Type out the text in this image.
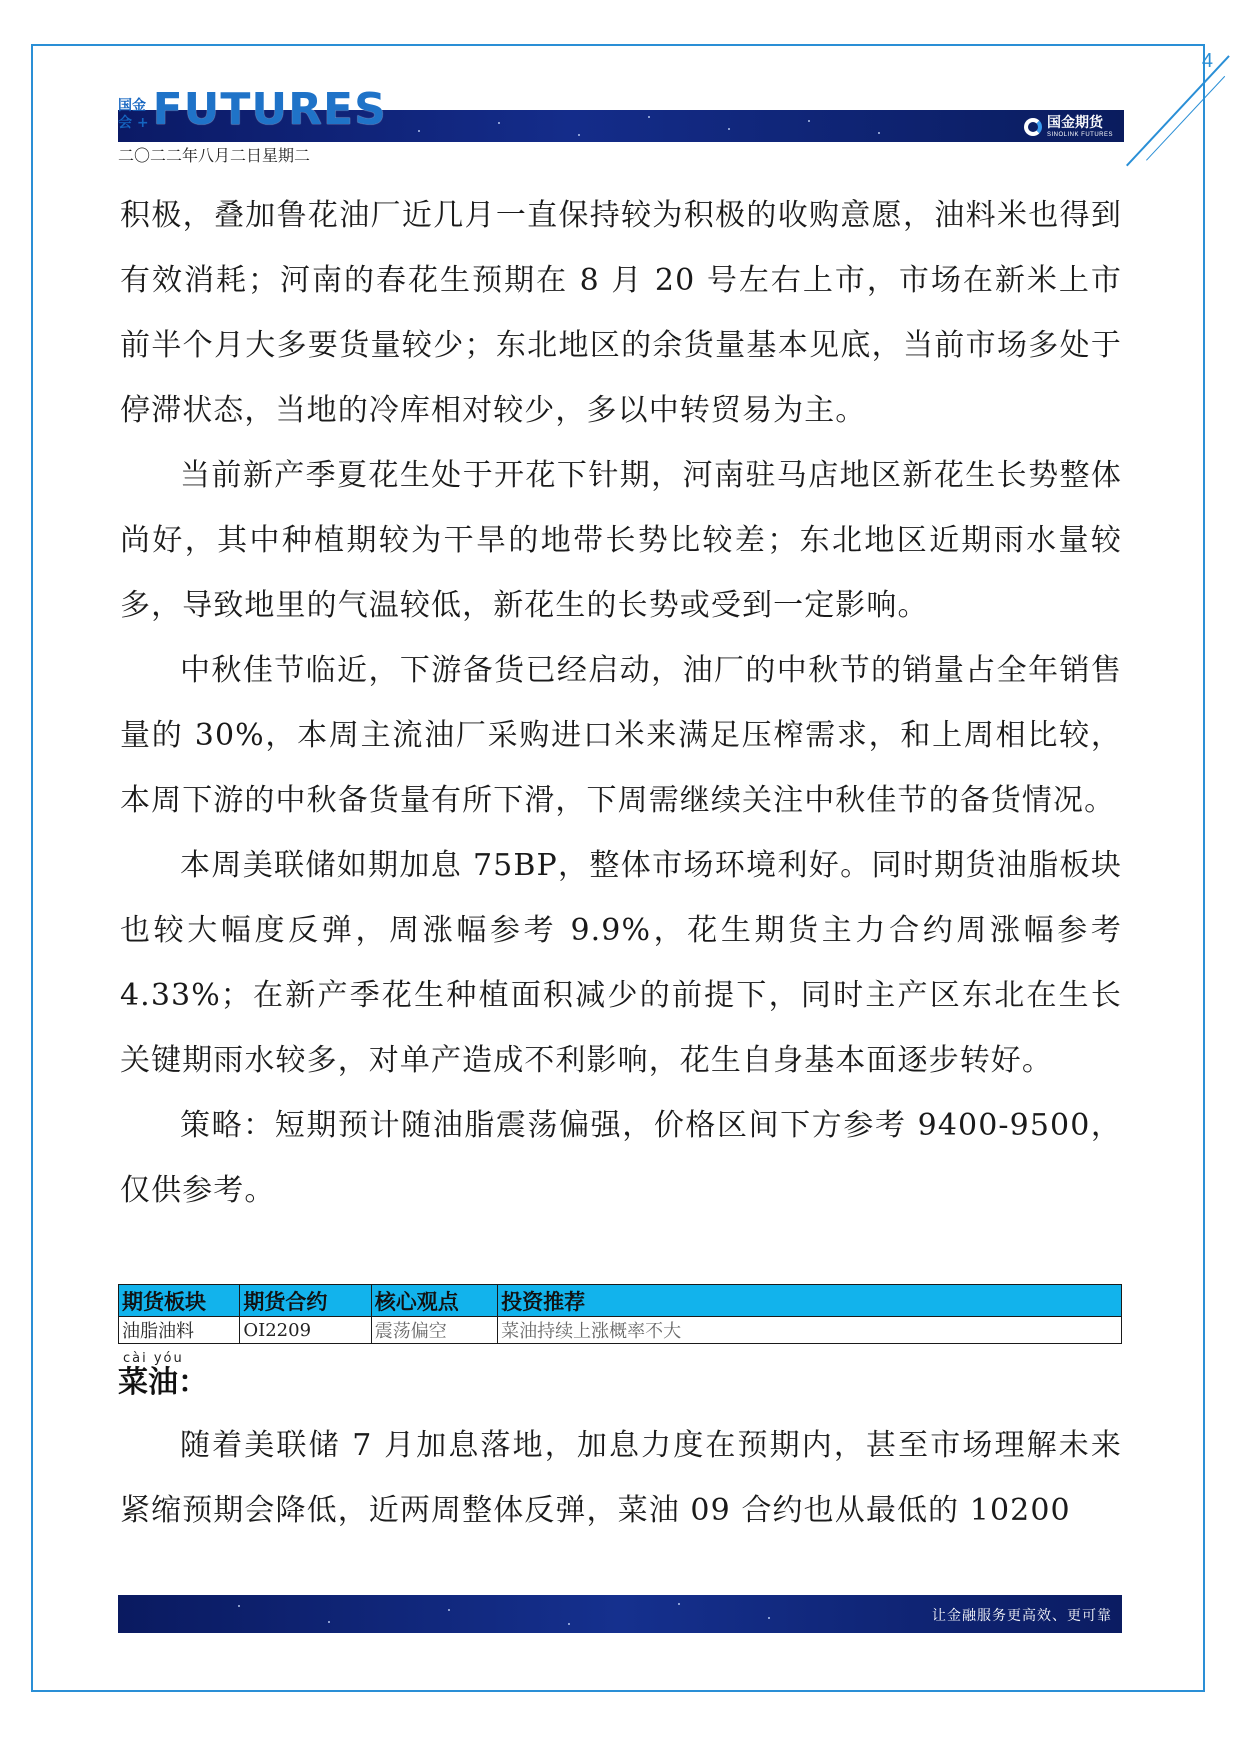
4
国金
会 + FUTURES	国金期货
SINOLINK FUTURES
二〇二二年八月二日星期二

积极，叠加鲁花油厂近几月一直保持较为积极的收购意愿，油料米也得到有效消耗；河南的春花生预期在 8 月 20 号左右上市，市场在新米上市前半个月大多要货量较少；东北地区的余货量基本见底，当前市场多处于停滞状态，当地的冷库相对较少，多以中转贸易为主。

当前新产季夏花生处于开花下针期，河南驻马店地区新花生长势整体尚好，其中种植期较为干旱的地带长势比较差；东北地区近期雨水量较多，导致地里的气温较低，新花生的长势或受到一定影响。

中秋佳节临近，下游备货已经启动，油厂的中秋节的销量占全年销售量的 30%，本周主流油厂采购进口米来满足压榨需求，和上周相比较，本周下游的中秋备货量有所下滑，下周需继续关注中秋佳节的备货情况。

本周美联储如期加息 75BP，整体市场环境利好。同时期货油脂板块也较大幅度反弹，周涨幅参考 9.9%，花生期货主力合约周涨幅参考 4.33%；在新产季花生种植面积减少的前提下，同时主产区东北在生长关键期雨水较多，对单产造成不利影响，花生自身基本面逐步转好。

策略：短期预计随油脂震荡偏强，价格区间下方参考 9400-9500，仅供参考。

期货板块	期货合约	核心观点	投资推荐
油脂油料	OI2209	震荡偏空	菜油持续上涨概率不大
cài yóu
菜油：

随着美联储 7 月加息落地，加息力度在预期内，甚至市场理解未来紧缩预期会降低，近两周整体反弹，菜油 09 合约也从最低的 10200

让金融服务更高效、更可靠
